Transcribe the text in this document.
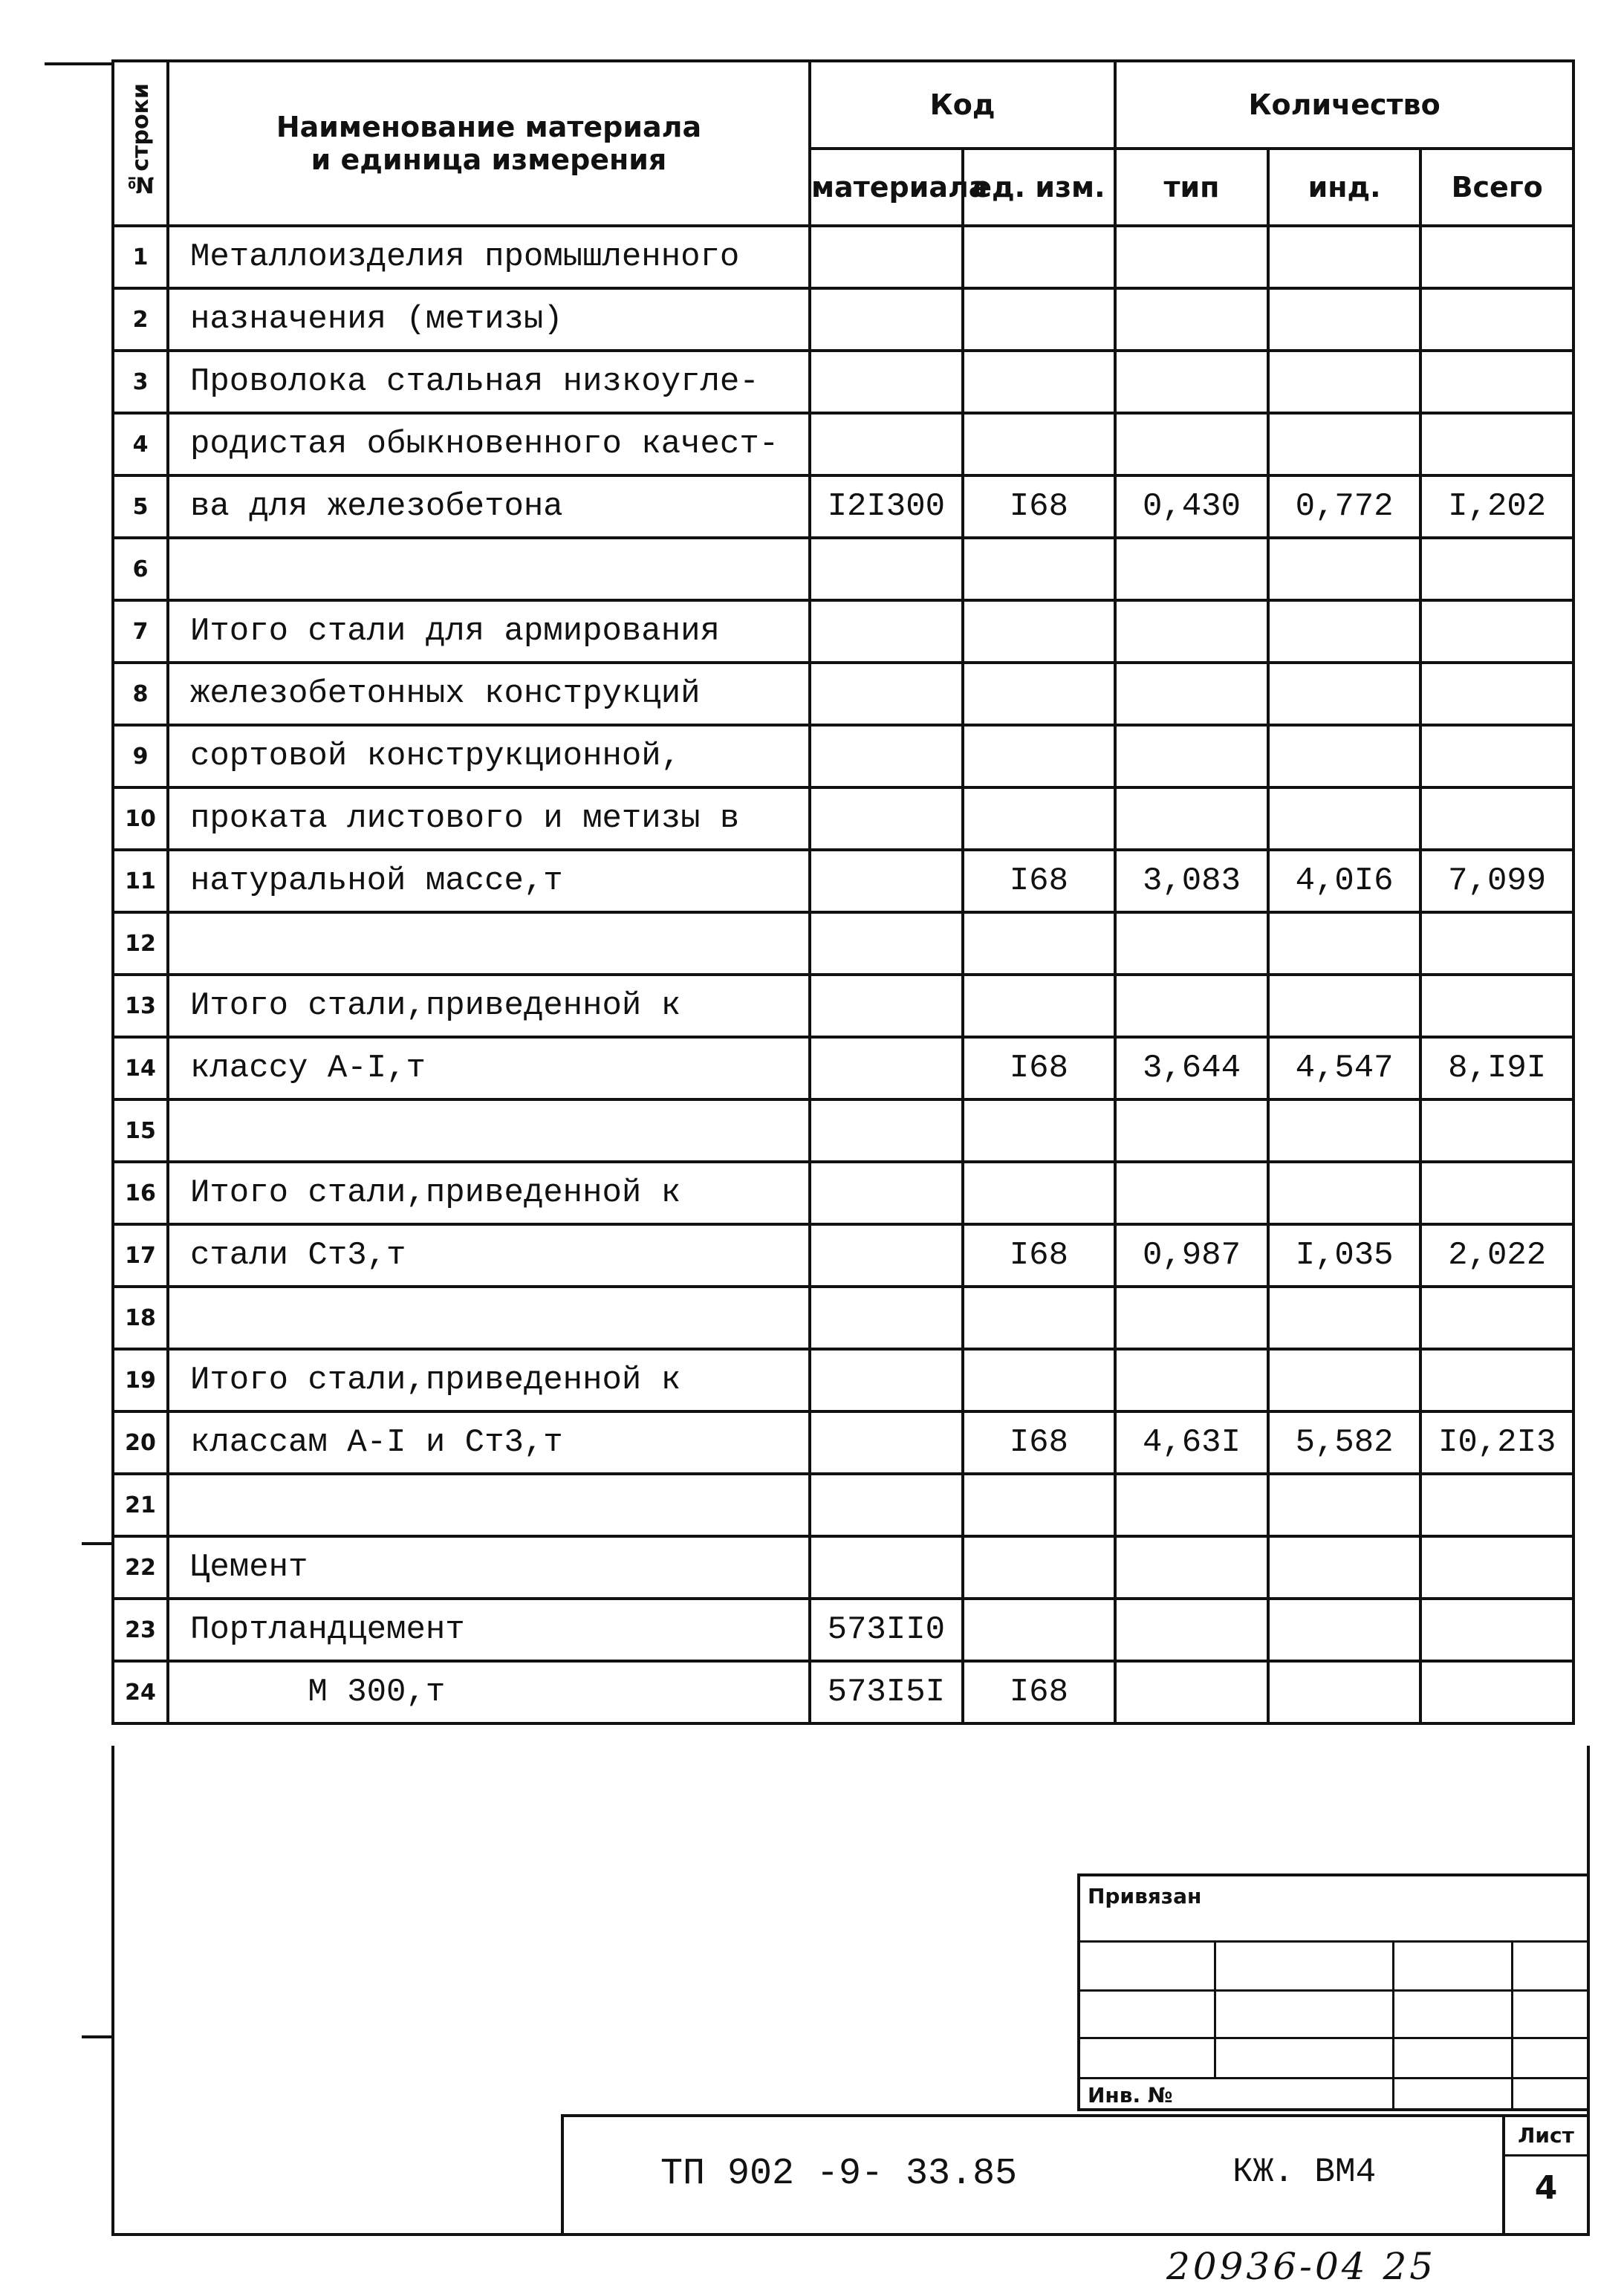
№строки	Наименование материала
и единица измерения	Код		Количество		
		материала	ед. изм.	тип	инд.	Всего
1	Металлоизделия промышленного					
2	назначения (метизы)					
3	Проволока стальная низкоугле-					
4	родистая обыкновенного качест-					
5	ва для железобетона	I2I300	I68	0,430	0,772	I,202
6						
7	Итого стали для армирования					
8	железобетонных конструкций					
9	сортовой конструкционной,					
10	проката листового и метизы в					
11	натуральной массе,т		I68	3,083	4,0I6	7,099
12						
13	Итого стали,приведенной к					
14	классу А-I,т		I68	3,644	4,547	8,I9I
15						
16	Итого стали,приведенной к					
17	стали Ст3,т		I68	0,987	I,035	2,022
18						
19	Итого стали,приведенной к					
20	классам А-I и Ст3,т		I68	4,63I	5,582	I0,2I3
21						
22	Цемент					
23	Портландцемент	573II0				
24	М 300,т	573I5I	I68			
Привязан
Инв. №
ТП 902 -9- 33.85	КЖ. ВМ4
Лист
4
20936-04 25
